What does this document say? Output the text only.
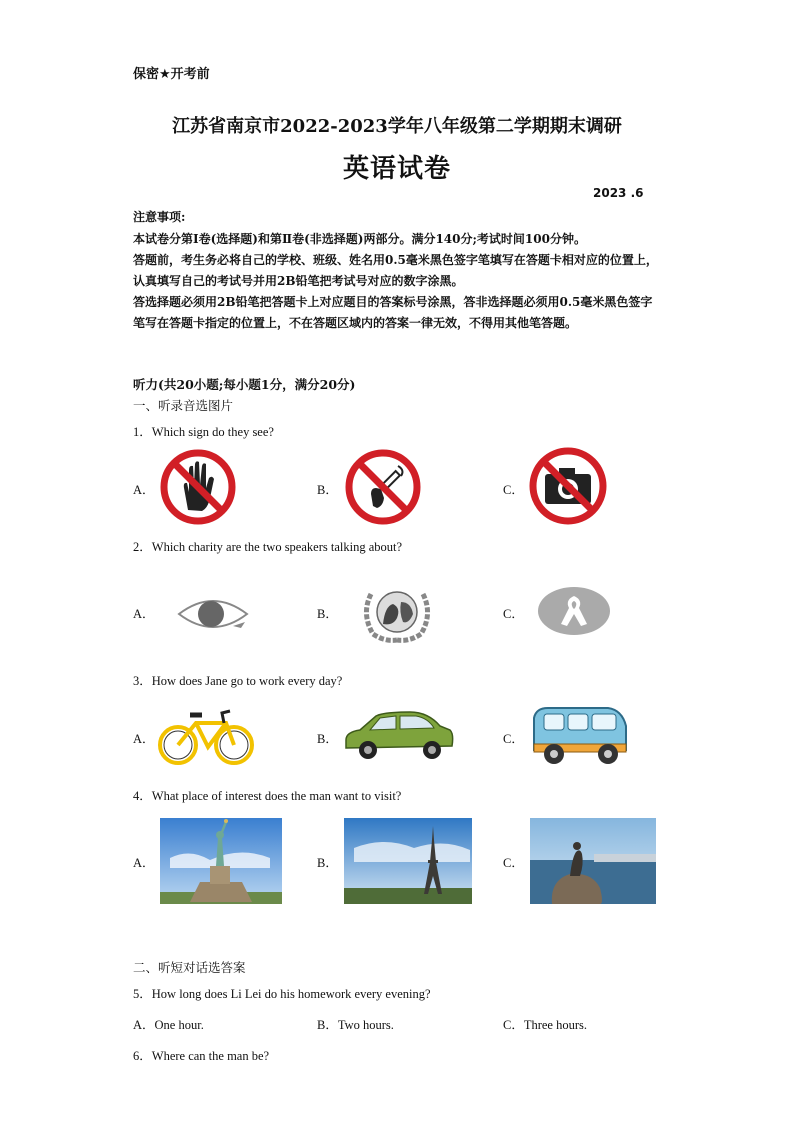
保密★开考前
江苏省南京市2022-2023学年八年级第二学期期末调研
英语试卷
2023 .6
注意事项:

本试卷分第Ⅰ卷(选择题)和第Ⅱ卷(非选择题)两部分。满分140分;考试时间100分钟。

答题前，考生务必将自己的学校、班级、姓名用0.5毫米黑色签字笔填写在答题卡相对应的位置上，认真填写自己的考试号并用2B铅笔把考试号对应的数字涂黑。

答选择题必须用2B铅笔把答题卡上对应题目的答案标号涂黑，答非选择题必须用0.5毫米黑色签字笔写在答题卡指定的位置上，不在答题区域内的答案一律无效，不得用其他笔答题。

听力(共20小题;每小题1分，满分20分)
一、听录音选图片
1．Which sign do they see?
A．	B．	C．
2．Which charity are the two speakers talking about?
A．	B．	C．
3．How does Jane go to work every day?
A．	B．	C．
4．What place of interest does the man want to visit?
A．	B．	C．
二、听短对话选答案
5．How long does Li Lei do his homework every evening?
A．One hour.	B．Two hours.	C．Three hours.
6．Where can the man be?
